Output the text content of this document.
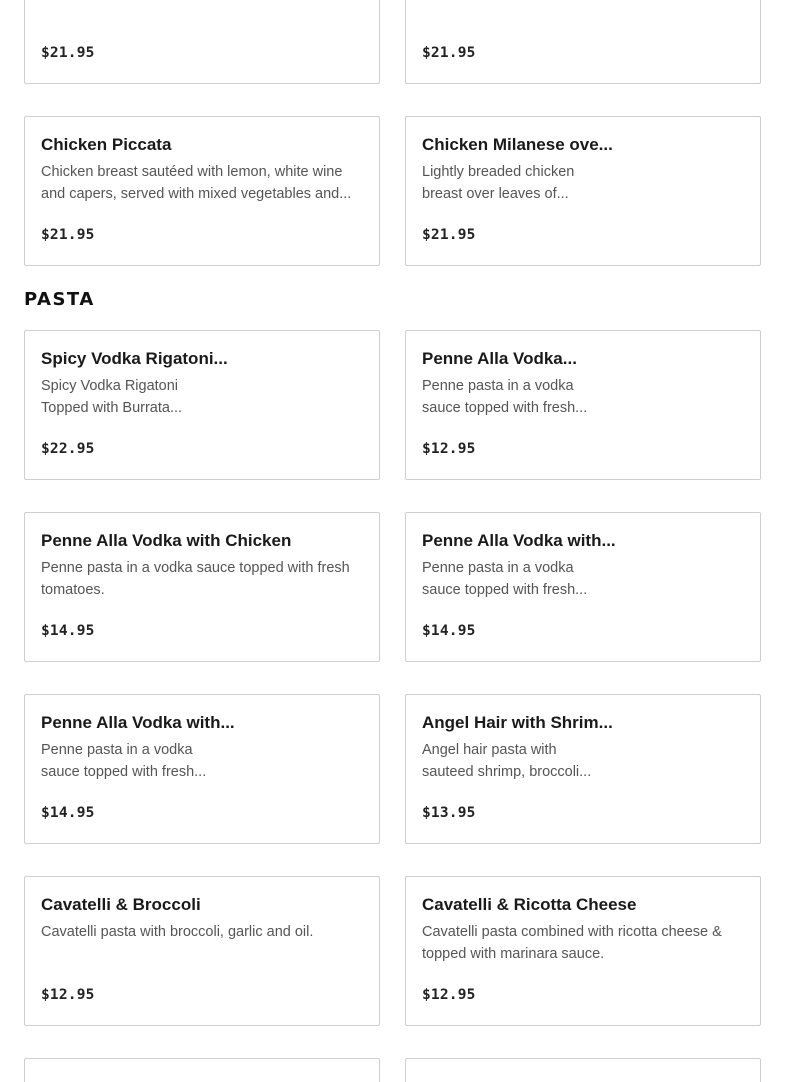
$21.95	$21.95
Chicken Piccata
Chicken breast sautéed with lemon, white wine
and capers, served with mixed vegetables and...
$21.95
Chicken Milanese ove...
Lightly breaded chicken
breast over leaves of...
$21.95
PASTA
Spicy Vodka Rigatoni...
Spicy Vodka Rigatoni
Topped with Burrata...
$22.95
Penne Alla Vodka...
Penne pasta in a vodka
sauce topped with fresh...
$12.95
Penne Alla Vodka with Chicken
Penne pasta in a vodka sauce topped with fresh
tomatoes.
$14.95
Penne Alla Vodka with...
Penne pasta in a vodka
sauce topped with fresh...
$14.95
Penne Alla Vodka with...
Penne pasta in a vodka
sauce topped with fresh...
$14.95
Angel Hair with Shrim...
Angel hair pasta with
sauteed shrimp, broccoli...
$13.95
Cavatelli & Broccoli
Cavatelli pasta with broccoli, garlic and oil.
$12.95
Cavatelli & Ricotta Cheese
Cavatelli pasta combined with ricotta cheese &
topped with marinara sauce.
$12.95
